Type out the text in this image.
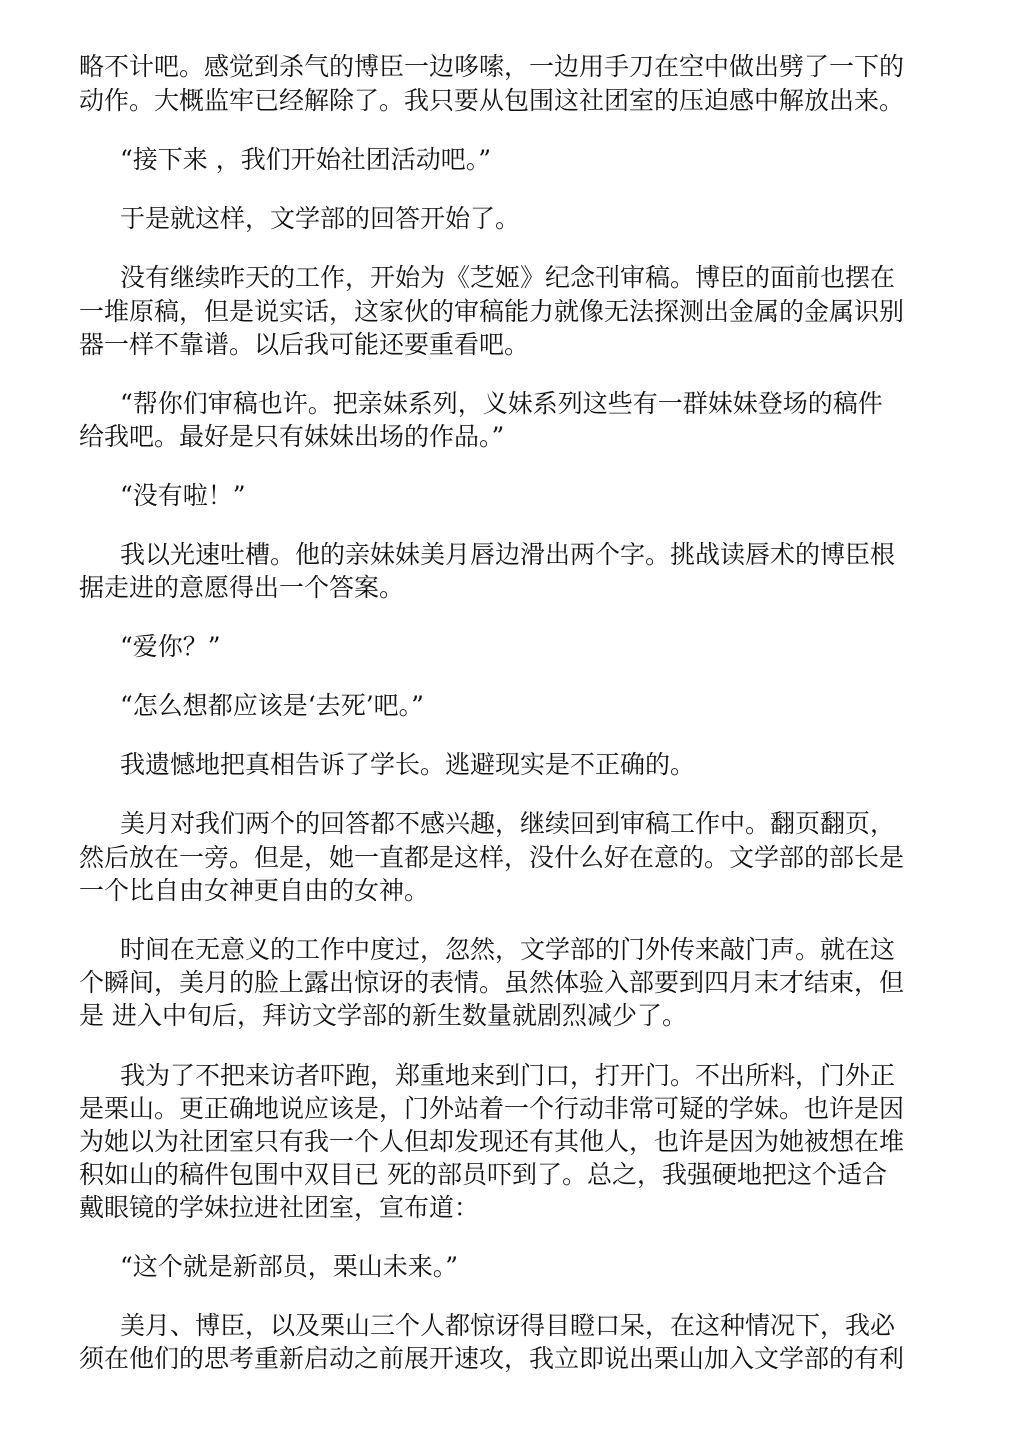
略不计吧。感觉到杀气的博臣一边哆嗦，一边用手刀在空中做出劈了一下的

动作。大概监牢已经解除了。我只要从包围这社团室的压迫感中解放出来。

“接下来 ，我们开始社团活动吧。”

于是就这样，文学部的回答开始了。

没有继续昨天的工作，开始为《芝姬》纪念刊审稿。博臣的面前也摆在

一堆原稿，但是说实话，这家伙的审稿能力就像无法探测出金属的金属识别

器一样不靠谱。以后我可能还要重看吧。

“帮你们审稿也许。把亲妹系列，义妹系列这些有一群妹妹登场的稿件

给我吧。最好是只有妹妹出场的作品。”

“没有啦！”

我以光速吐槽。他的亲妹妹美月唇边滑出两个字。挑战读唇术的博臣根

据走进的意愿得出一个答案。

“爱你？”

“怎么想都应该是‘去死’吧。”

我遗憾地把真相告诉了学长。逃避现实是不正确的。

美月对我们两个的回答都不感兴趣，继续回到审稿工作中。翻页翻页，

然后放在一旁。但是，她一直都是这样，没什么好在意的。文学部的部长是

一个比自由女神更自由的女神。

时间在无意义的工作中度过，忽然，文学部的门外传来敲门声。就在这

个瞬间，美月的脸上露出惊讶的表情。虽然体验入部要到四月末才结束，但

是 进入中旬后，拜访文学部的新生数量就剧烈减少了。

我为了不把来访者吓跑，郑重地来到门口，打开门。不出所料，门外正

是栗山。更正确地说应该是，门外站着一个行动非常可疑的学妹。也许是因

为她以为社团室只有我一个人但却发现还有其他人，也许是因为她被想在堆

积如山的稿件包围中双目已 死的部员吓到了。总之，我强硬地把这个适合

戴眼镜的学妹拉进社团室，宣布道：

“这个就是新部员，栗山未来。”

美月、博臣，以及栗山三个人都惊讶得目瞪口呆，在这种情况下，我必

须在他们的思考重新启动之前展开速攻，我立即说出栗山加入文学部的有利
